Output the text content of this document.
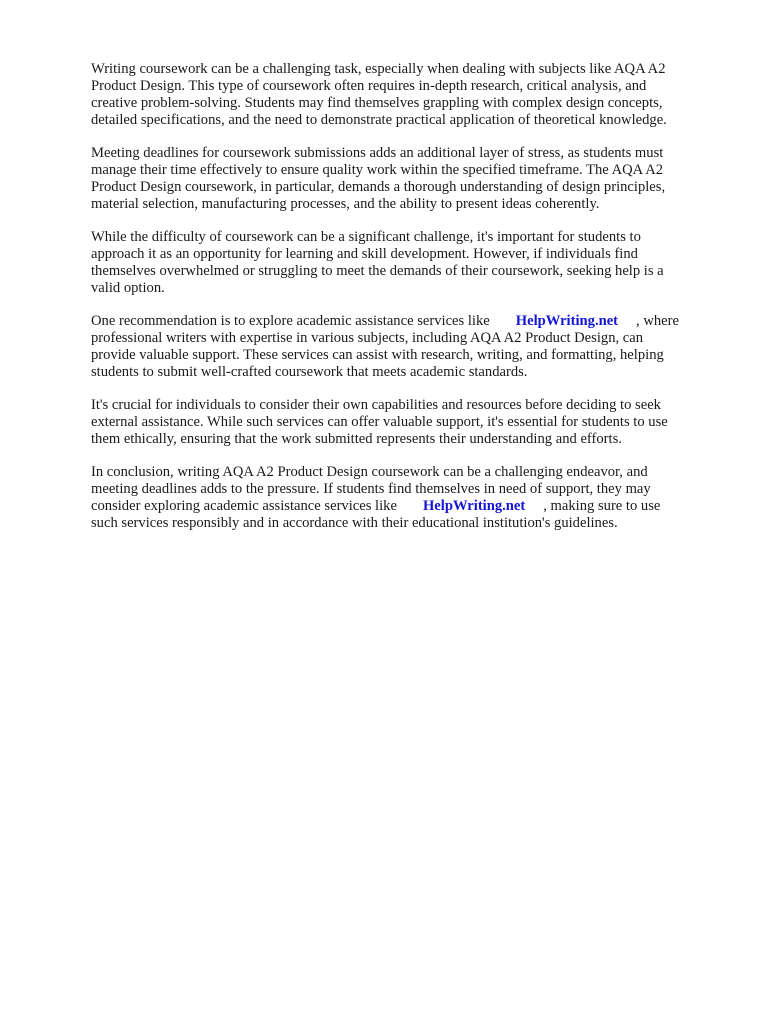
Writing coursework can be a challenging task, especially when dealing with subjects like AQA A2
Product Design. This type of coursework often requires in-depth research, critical analysis, and
creative problem-solving. Students may find themselves grappling with complex design concepts,
detailed specifications, and the need to demonstrate practical application of theoretical knowledge.

Meeting deadlines for coursework submissions adds an additional layer of stress, as students must
manage their time effectively to ensure quality work within the specified timeframe. The AQA A2
Product Design coursework, in particular, demands a thorough understanding of design principles,
material selection, manufacturing processes, and the ability to present ideas coherently.

While the difficulty of coursework can be a significant challenge, it's important for students to
approach it as an opportunity for learning and skill development. However, if individuals find
themselves overwhelmed or struggling to meet the demands of their coursework, seeking help is a
valid option.

One recommendation is to explore academic assistance services like HelpWriting.net , where
professional writers with expertise in various subjects, including AQA A2 Product Design, can
provide valuable support. These services can assist with research, writing, and formatting, helping
students to submit well-crafted coursework that meets academic standards.

It's crucial for individuals to consider their own capabilities and resources before deciding to seek
external assistance. While such services can offer valuable support, it's essential for students to use
them ethically, ensuring that the work submitted represents their understanding and efforts.

In conclusion, writing AQA A2 Product Design coursework can be a challenging endeavor, and
meeting deadlines adds to the pressure. If students find themselves in need of support, they may
consider exploring academic assistance services like HelpWriting.net , making sure to use
such services responsibly and in accordance with their educational institution's guidelines.
